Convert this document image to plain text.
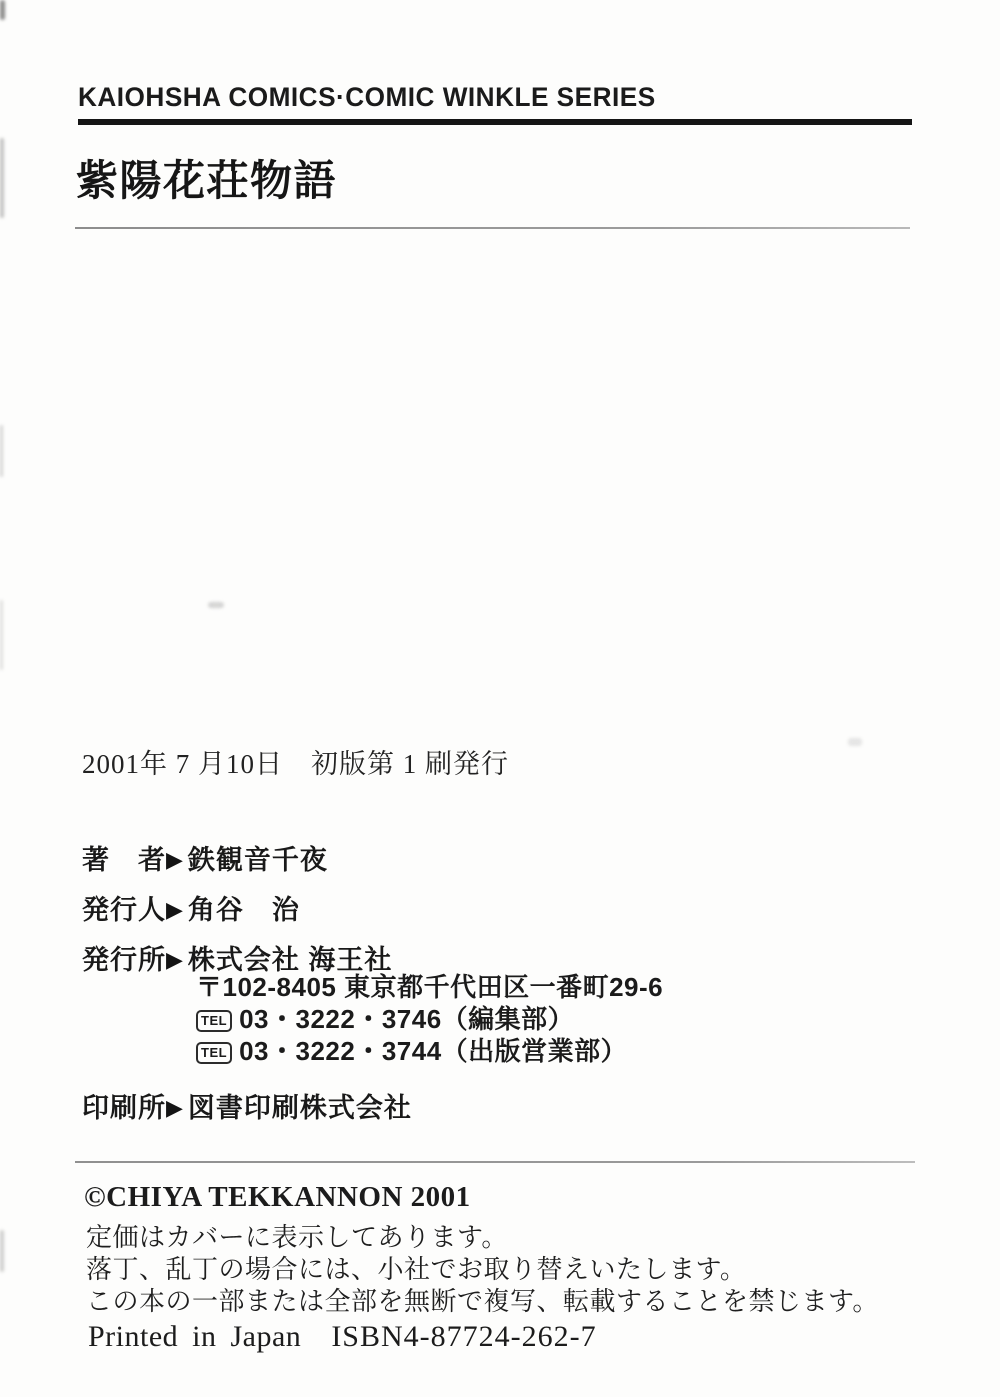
KAIOHSHA COMICS·COMIC WINKLE SERIES
紫陽花荘物語
2001年 7 月10日　初版第 1 刷発行
著　者▶ 鉄観音千夜
発行人▶ 角谷　治
発行所▶ 株式会社 海王社
〒102-8405 東京都千代田区一番町29-6
TEL 03・3222・3746（編集部）
TEL 03・3222・3744（出版営業部）
印刷所▶ 図書印刷株式会社
©CHIYA TEKKANNON 2001
定価はカバーに表示してあります。
落丁、乱丁の場合には、小社でお取り替えいたします。
この本の一部または全部を無断で複写、転載することを禁じます。
Printed in Japan ISBN4-87724-262-7
